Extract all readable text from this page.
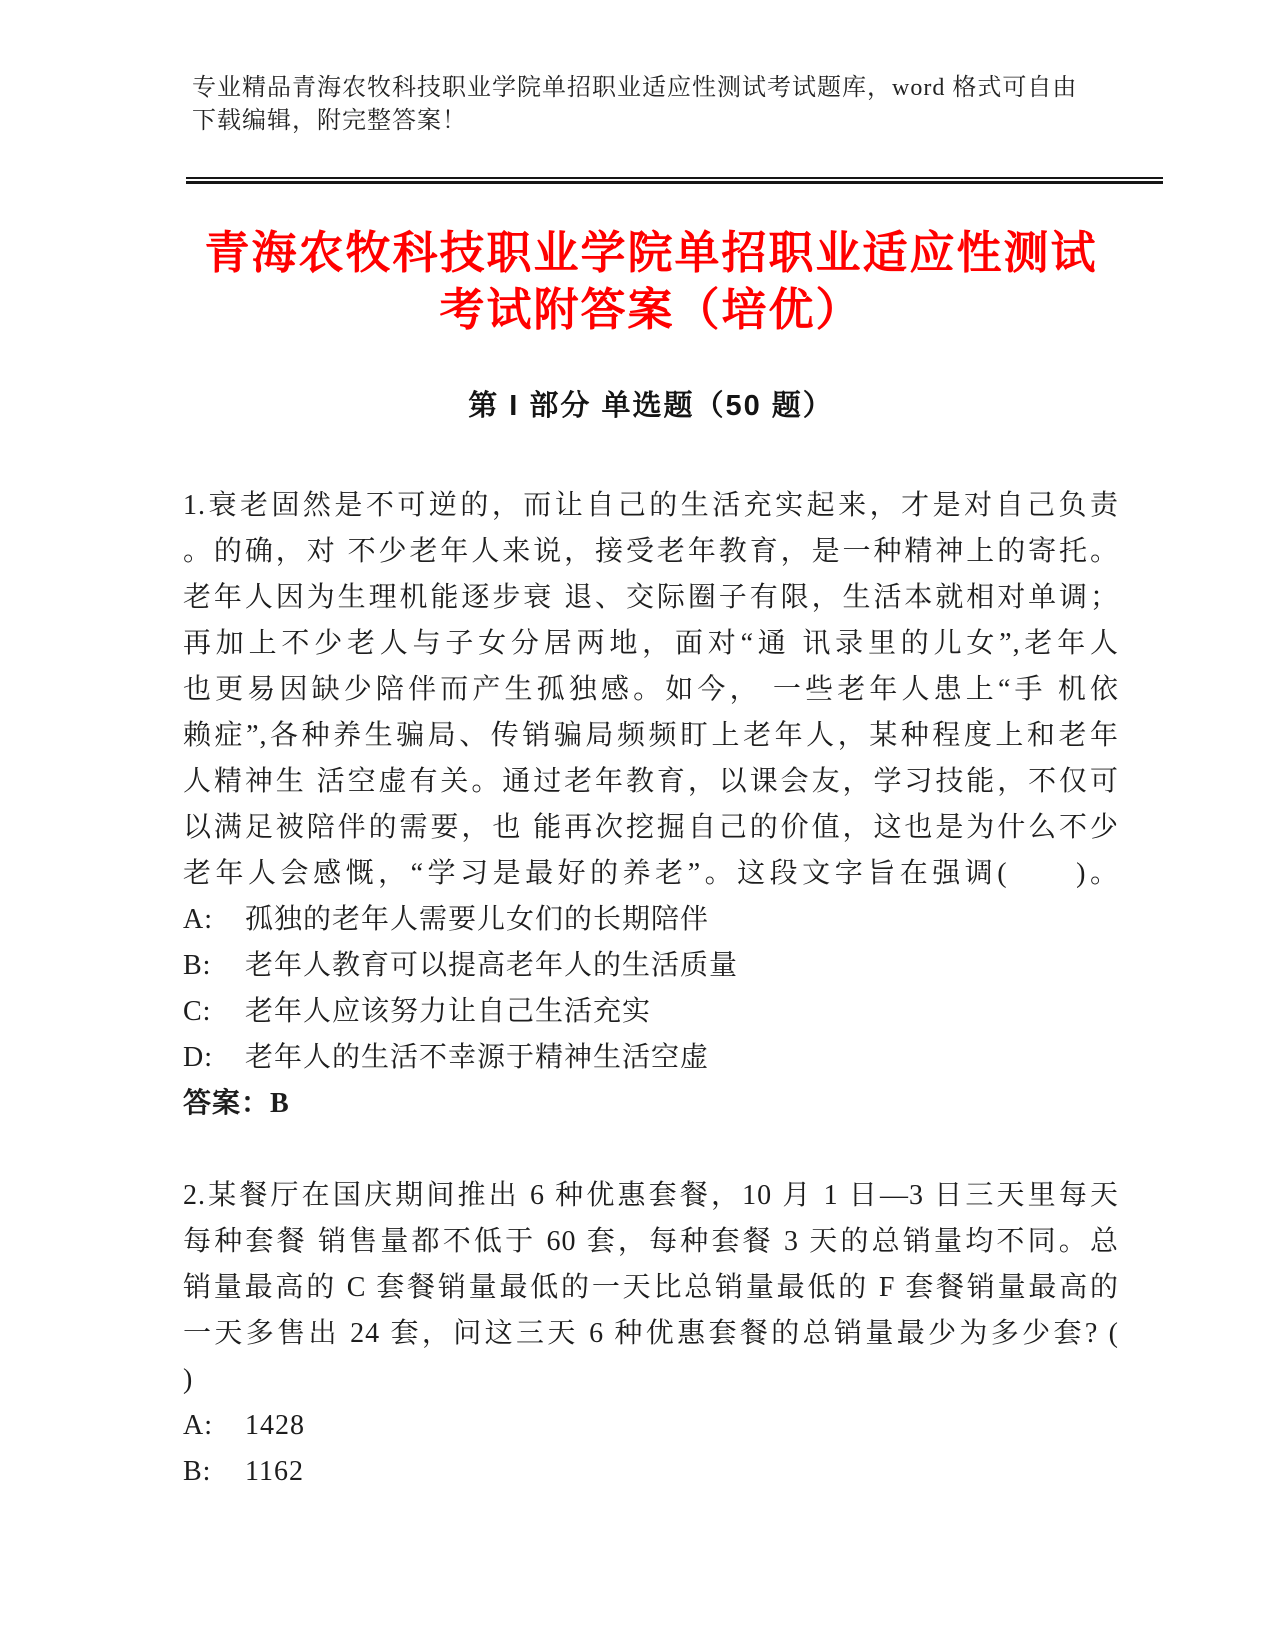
专业精品青海农牧科技职业学院单招职业适应性测试考试题库，word 格式可自由
下载编辑，附完整答案！
青海农牧科技职业学院单招职业适应性测试
考试附答案（培优）
第 I 部分 单选题（50 题）
1.衰老固然是不可逆的，而让自己的生活充实起来，才是对自己负责
。的确，对 不少老年人来说，接受老年教育，是一种精神上的寄托。
老年人因为生理机能逐步衰 退、交际圈子有限，生活本就相对单调；
再加上不少老人与子女分居两地，面对“通 讯录里的儿女”,老年人
也更易因缺少陪伴而产生孤独感。如今， 一些老年人患上“手 机依
赖症”,各种养生骗局、传销骗局频频盯上老年人，某种程度上和老年
人精神生 活空虚有关。通过老年教育，以课会友，学习技能，不仅可
以满足被陪伴的需要，也 能再次挖掘自己的价值，这也是为什么不少
老年人会感慨，“学习是最好的养老”。这段文字旨在强调(　　)。
A: 孤独的老年人需要儿女们的长期陪伴
B: 老年人教育可以提高老年人的生活质量
C: 老年人应该努力让自己生活充实
D: 老年人的生活不幸源于精神生活空虚
答案：B
2.某餐厅在国庆期间推出 6 种优惠套餐，10 月 1 日—3 日三天里每天
每种套餐 销售量都不低于 60 套，每种套餐 3 天的总销量均不同。总
销量最高的 C 套餐销量最低的一天比总销量最低的 F 套餐销量最高的
一天多售出 24 套，问这三天 6 种优惠套餐的总销量最少为多少套? (
)
A: 1428
B: 1162
